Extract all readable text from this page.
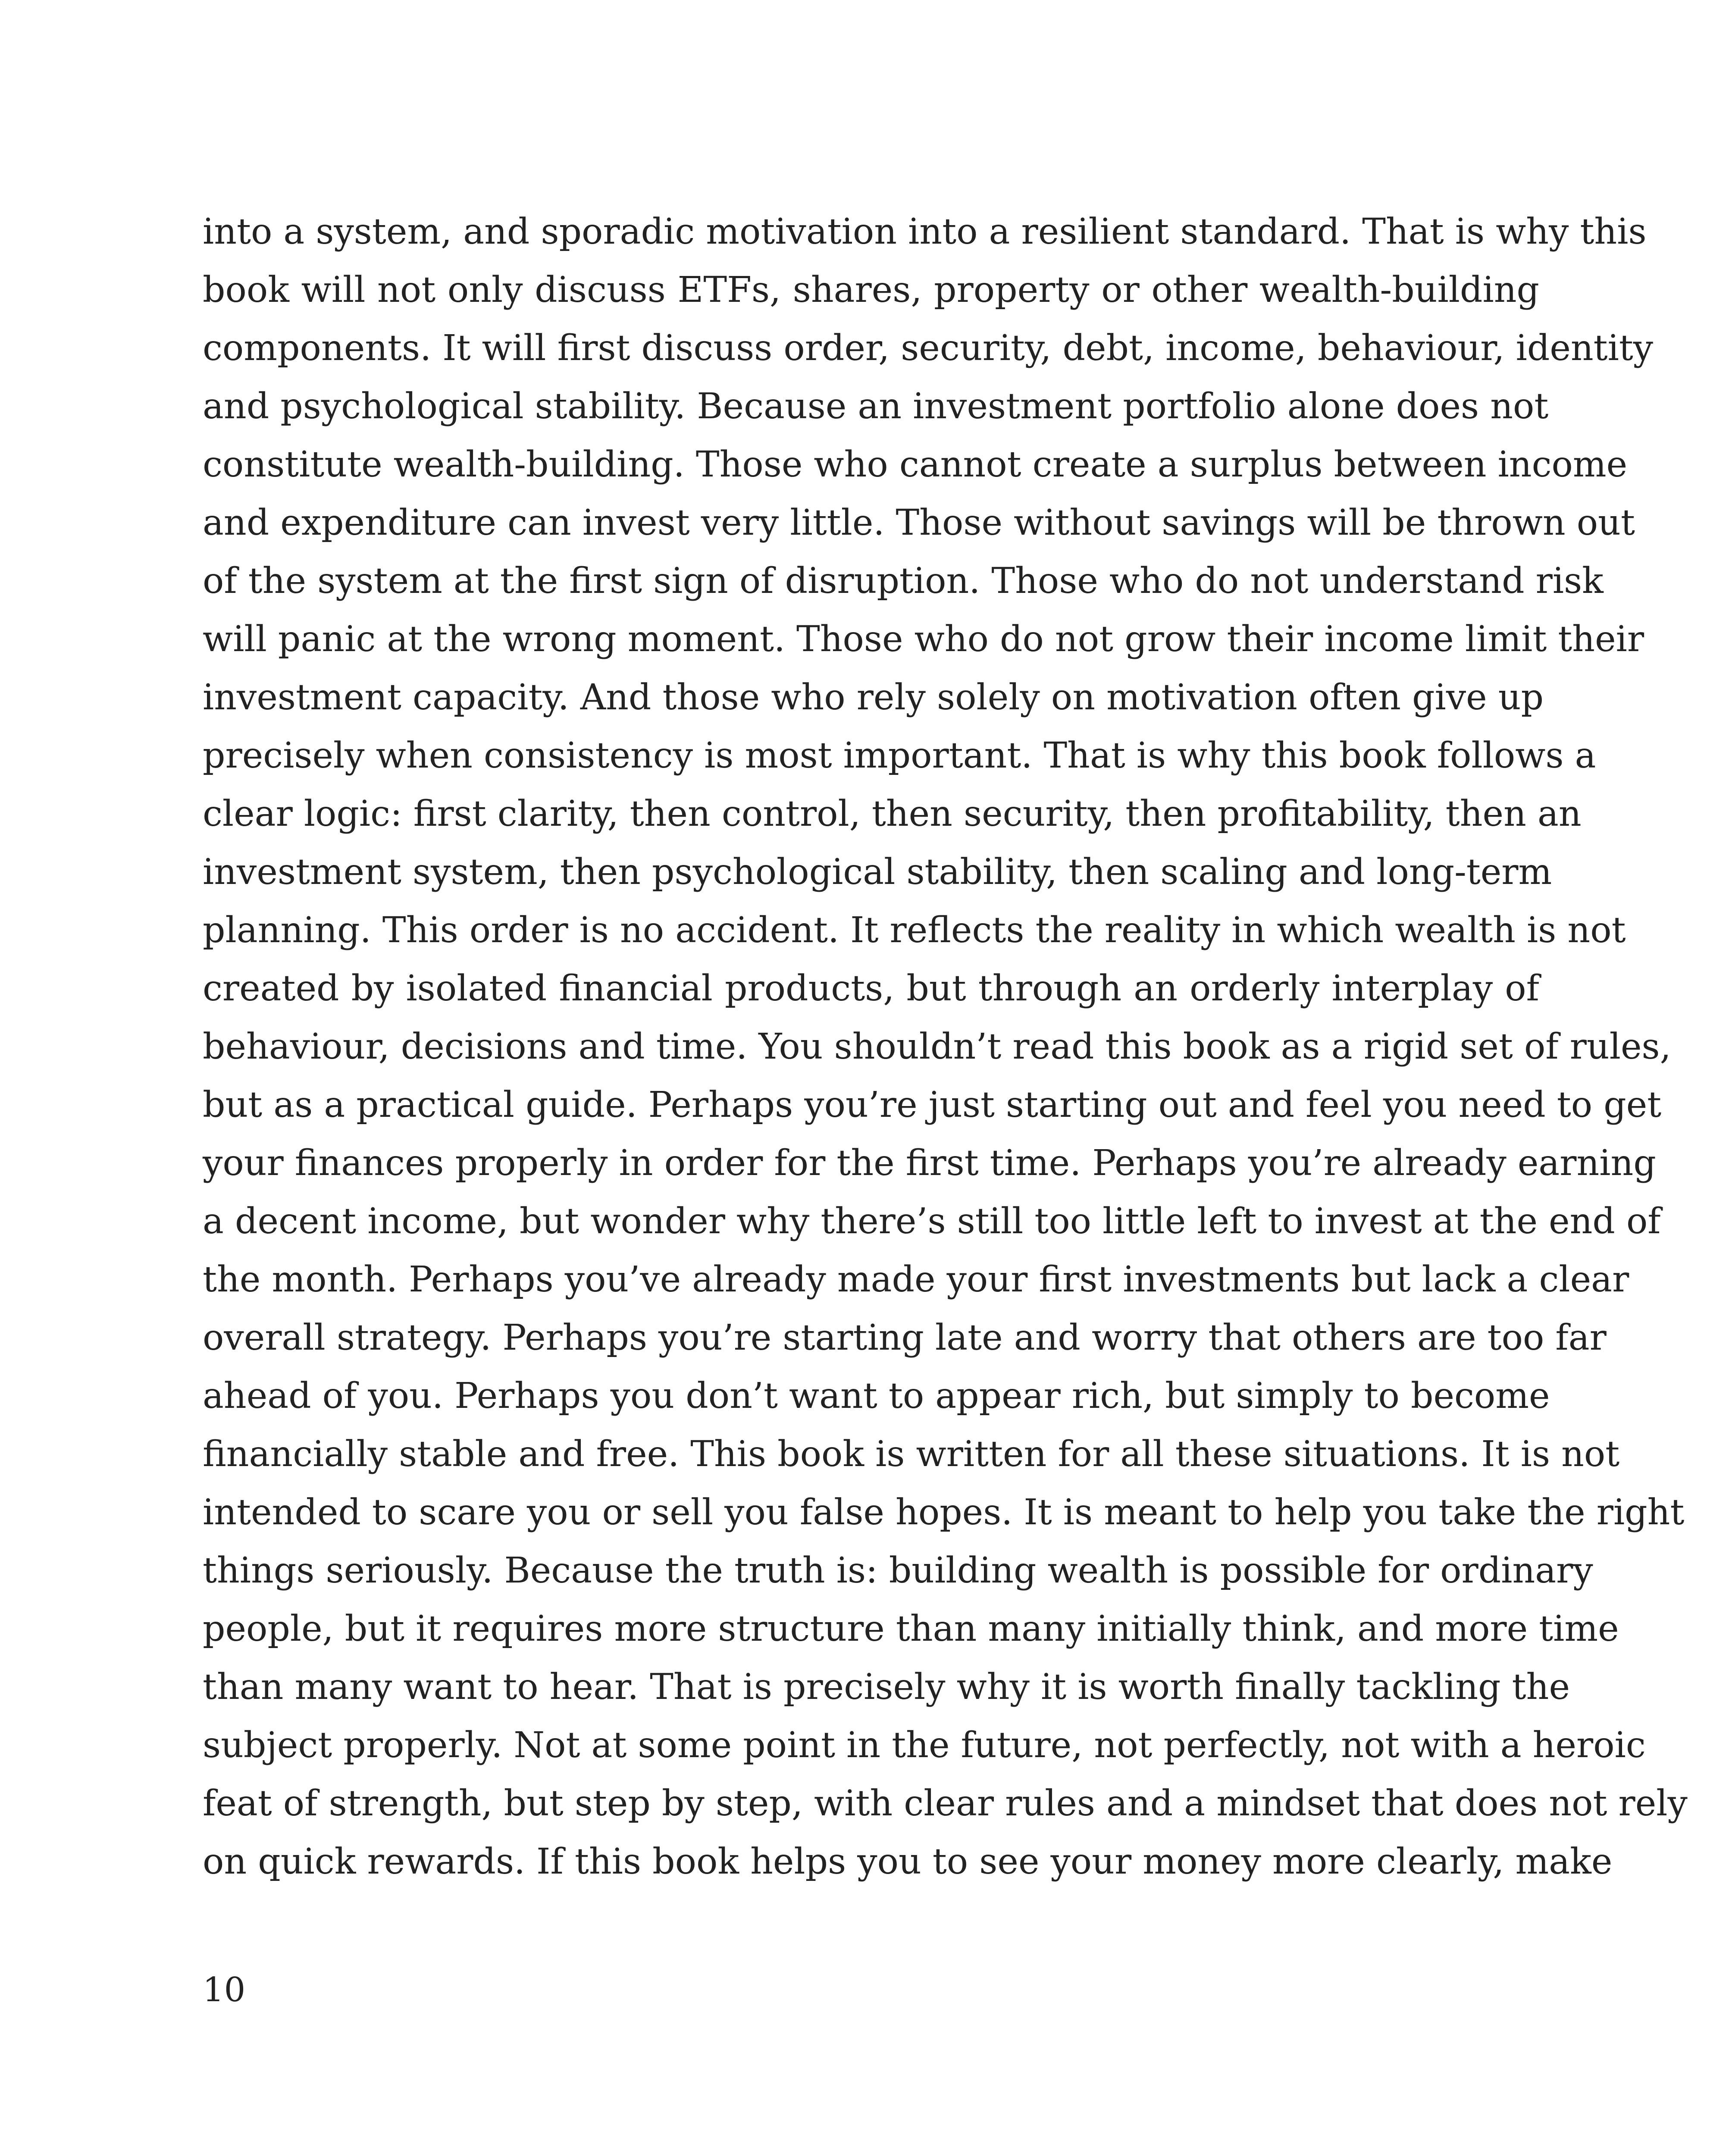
into a system, and sporadic motivation into a resilient standard. That is why this
book will not only discuss ETFs, shares, property or other wealth-building
components. It will first discuss order, security, debt, income, behaviour, identity
and psychological stability. Because an investment portfolio alone does not
constitute wealth-building. Those who cannot create a surplus between income
and expenditure can invest very little. Those without savings will be thrown out
of the system at the first sign of disruption. Those who do not understand risk
will panic at the wrong moment. Those who do not grow their income limit their
investment capacity. And those who rely solely on motivation often give up
precisely when consistency is most important. That is why this book follows a
clear logic: first clarity, then control, then security, then profitability, then an
investment system, then psychological stability, then scaling and long-term
planning. This order is no accident. It reflects the reality in which wealth is not
created by isolated financial products, but through an orderly interplay of
behaviour, decisions and time. You shouldn’t read this book as a rigid set of rules,
but as a practical guide. Perhaps you’re just starting out and feel you need to get
your finances properly in order for the first time. Perhaps you’re already earning
a decent income, but wonder why there’s still too little left to invest at the end of
the month. Perhaps you’ve already made your first investments but lack a clear
overall strategy. Perhaps you’re starting late and worry that others are too far
ahead of you. Perhaps you don’t want to appear rich, but simply to become
financially stable and free. This book is written for all these situations. It is not
intended to scare you or sell you false hopes. It is meant to help you take the right
things seriously. Because the truth is: building wealth is possible for ordinary
people, but it requires more structure than many initially think, and more time
than many want to hear. That is precisely why it is worth finally tackling the
subject properly. Not at some point in the future, not perfectly, not with a heroic
feat of strength, but step by step, with clear rules and a mindset that does not rely
on quick rewards. If this book helps you to see your money more clearly, make
10
